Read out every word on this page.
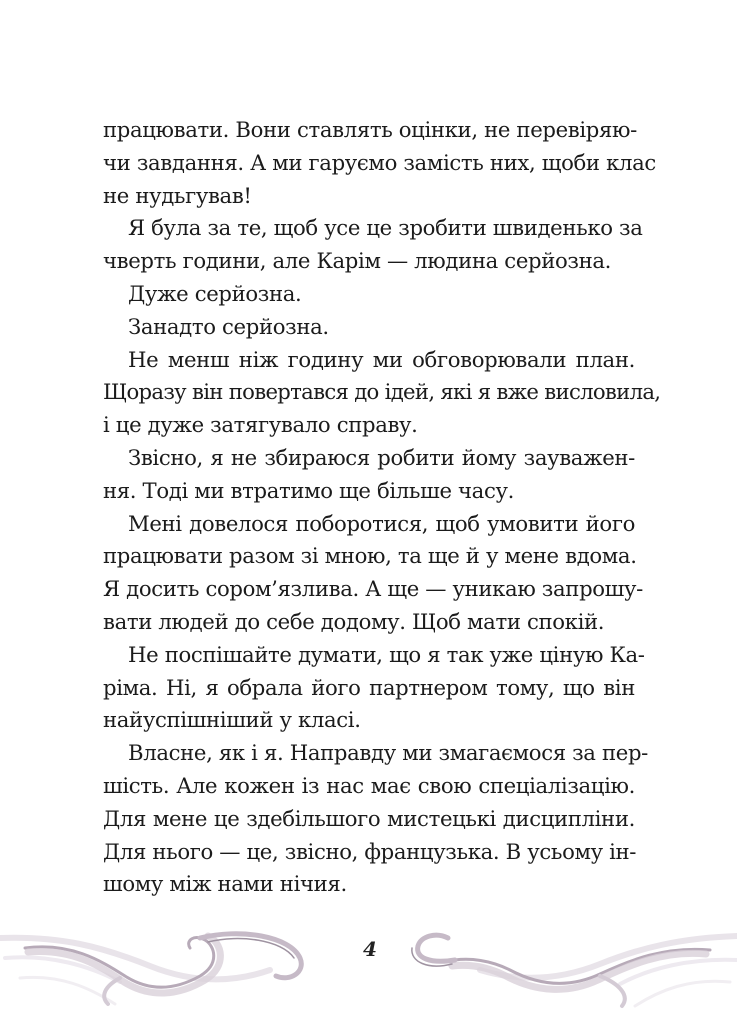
працювати. Вони ставлять оцінки, не перевіряю-
чи завдання. А ми гаруємо замість них, щоби клас
не нудьгував!
Я була за те, щоб усе це зробити швиденько за
чверть години, але Карім — людина серйозна.
Дуже серйозна.
Занадто серйозна.
Не менш ніж годину ми обговорювали план.
Щоразу він повертався до ідей, які я вже висловила,
і це дуже затягувало справу.
Звісно, я не збираюся робити йому зауважен-
ня. Тоді ми втратимо ще більше часу.
Мені довелося поборотися, щоб умовити його
працювати разом зі мною, та ще й у мене вдома.
Я досить сором’язлива. А ще — уникаю запрошу-
вати людей до себе додому. Щоб мати спокій.
Не поспішайте думати, що я так уже ціную Ка-
ріма. Ні, я обрала його партнером тому, що він
найуспішніший у класі.
Власне, як і я. Направду ми змагаємося за пер-
шість. Але кожен із нас має свою спеціалізацію.
Для мене це здебільшого мистецькі дисципліни.
Для нього — це, звісно, французька. В усьому ін-
шому між нами нічия.
4
